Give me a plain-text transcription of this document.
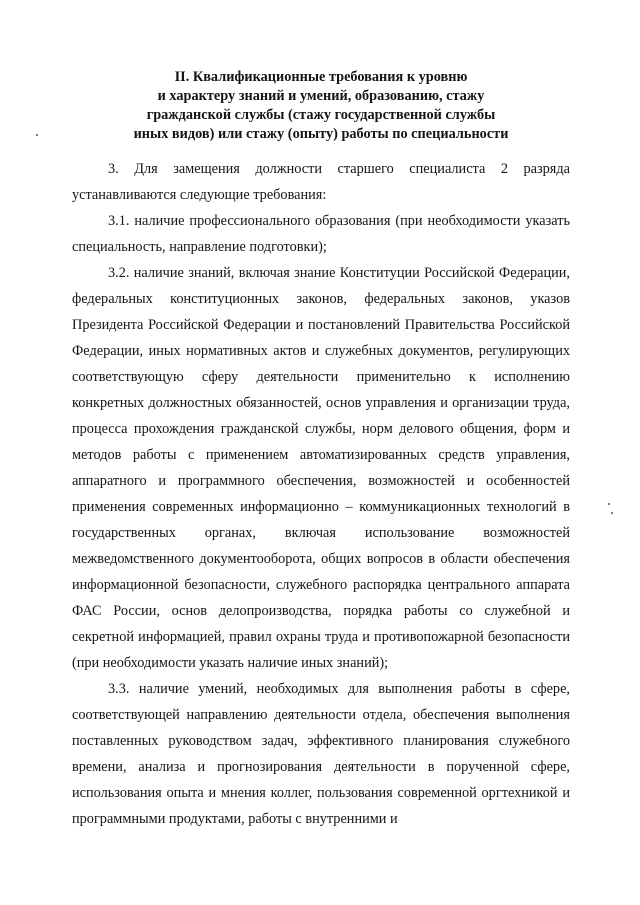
II. Квалификационные требования к уровню
и характеру знаний и умений, образованию, стажу
гражданской службы (стажу государственной службы
иных видов) или стажу (опыту) работы по специальности

3. Для замещения должности старшего специалиста 2 разряда устанавливаются следующие требования:

3.1. наличие профессионального образования (при необходимости указать специальность, направление подготовки);

3.2. наличие знаний, включая знание Конституции Российской Федерации, федеральных конституционных законов, федеральных законов, указов Президента Российской Федерации и постановлений Правительства Российской Федерации, иных нормативных актов и служебных документов, регулирующих соответствующую сферу деятельности применительно к исполнению конкретных должностных обязанностей, основ управления и организации труда, процесса прохождения гражданской службы, норм делового общения, форм и методов работы с применением автоматизированных средств управления, аппаратного и программного обеспечения, возможностей и особенностей применения современных информационно – коммуникационных технологий в государственных органах, включая использование возможностей межведомственного документооборота, общих вопросов в области обеспечения информационной безопасности, служебного распорядка центрального аппарата ФАС России, основ делопроизводства, порядка работы со служебной и секретной информацией, правил охраны труда и противопожарной безопасности (при необходимости указать наличие иных знаний);

3.3. наличие умений, необходимых для выполнения работы в сфере, соответствующей направлению деятельности отдела, обеспечения выполнения поставленных руководством задач, эффективного планирования служебного времени, анализа и прогнозирования деятельности в порученной сфере, использования опыта и мнения коллег, пользования современной оргтехникой и программными продуктами, работы с внутренними и
